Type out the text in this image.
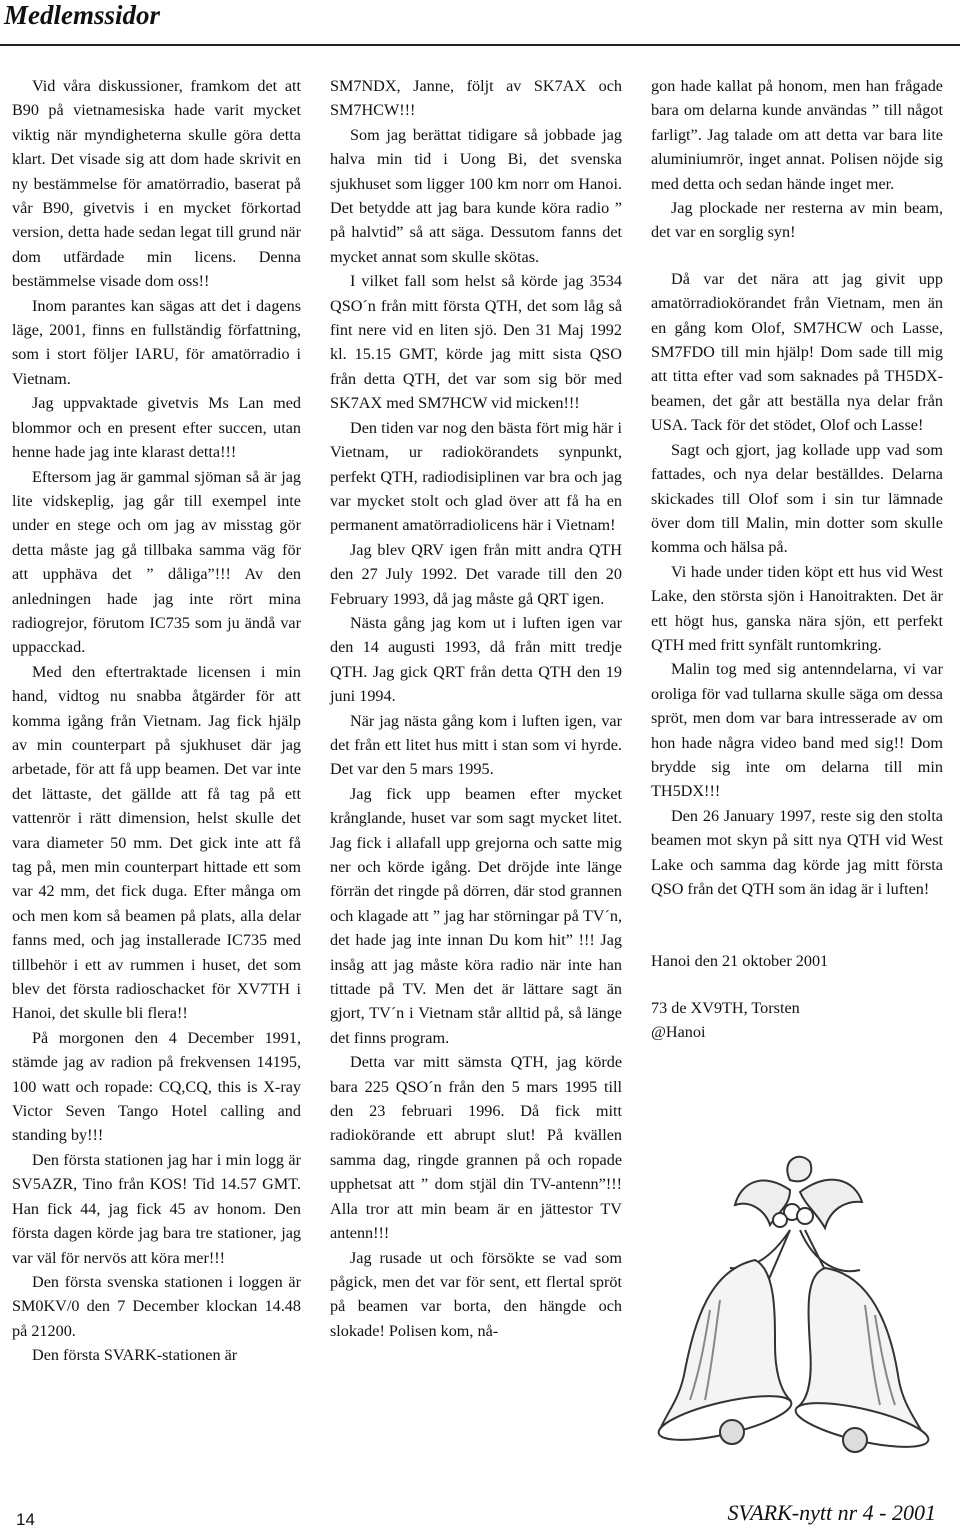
Medlemssidor

Vid våra diskussioner, framkom det att B90 på vietnamesiska hade varit mycket viktig när myndigheterna skulle göra detta klart. Det visade sig att dom hade skrivit en ny bestämmelse för amatörradio, baserat på vår B90, givetvis i en mycket förkortad version, detta hade sedan legat till grund när dom utfärdade min licens. Denna bestämmelse visade dom oss!!

Inom parantes kan sägas att det i dagens läge, 2001, finns en fullständig författning, som i stort följer IARU, för amatörradio i Vietnam.

Jag uppvaktade givetvis Ms Lan med blommor och en present efter succen, utan henne hade jag inte klarast detta!!!

Eftersom jag är gammal sjöman så är jag lite vidskeplig, jag går till exempel inte under en stege och om jag av misstag gör detta måste jag gå tillbaka samma väg för att upphäva det ” dåliga”!!! Av den anledningen hade jag inte rört mina radiogrejor, förutom IC735 som ju ändå var uppacckad.

Med den eftertraktade licensen i min hand, vidtog nu snabba åtgärder för att komma igång från Vietnam. Jag fick hjälp av min counterpart på sjukhuset där jag arbetade, för att få upp beamen. Det var inte det lättaste, det gällde att få tag på ett vattenrör i rätt dimension, helst skulle det vara diameter 50 mm. Det gick inte att få tag på, men min counterpart hittade ett som var 42 mm, det fick duga. Efter många om och men kom så beamen på plats, alla delar fanns med, och jag installerade IC735 med tillbehör i ett av rummen i huset, det som blev det första radioschacket för XV7TH i Hanoi, det skulle bli flera!!

På morgonen den 4 December 1991, stämde jag av radion på frekvensen 14195, 100 watt och ropade: CQ,CQ, this is X-ray Victor Seven Tango Hotel calling and standing by!!!

Den första stationen jag har i min logg är SV5AZR, Tino från KOS! Tid 14.57 GMT. Han fick 44, jag fick 45 av honom. Den första dagen körde jag bara tre stationer, jag var väl för nervös att köra mer!!!

Den första svenska stationen i loggen är SM0KV/0 den 7 December klockan 14.48 på 21200.

Den första SVARK-stationen är

SM7NDX, Janne, följt av SK7AX och SM7HCW!!!

Som jag berättat tidigare så jobbade jag halva min tid i Uong Bi, det svenska sjukhuset som ligger 100 km norr om Hanoi. Det betydde att jag bara kunde köra radio ” på halvtid” så att säga. Dessutom fanns det mycket annat som skulle skötas.

I vilket fall som helst så körde jag 3534 QSO´n från mitt första QTH, det som låg så fint nere vid en liten sjö. Den 31 Maj 1992 kl. 15.15 GMT, körde jag mitt sista QSO från detta QTH, det var som sig bör med SK7AX med SM7HCW vid micken!!!

Den tiden var nog den bästa fört mig här i Vietnam, ur radiokörandets synpunkt, perfekt QTH, radiodisiplinen var bra och jag var mycket stolt och glad över att få ha en permanent amatörradiolicens här i Vietnam!

Jag blev QRV igen från mitt andra QTH den 27 July 1992. Det varade till den 20 February 1993, då jag måste gå QRT igen.

Nästa gång jag kom ut i luften igen var den 14 augusti 1993, då från mitt tredje QTH. Jag gick QRT från detta QTH den 19 juni 1994.

När jag nästa gång kom i luften igen, var det från ett litet hus mitt i stan som vi hyrde. Det var den 5 mars 1995.

Jag fick upp beamen efter mycket krånglande, huset var som sagt mycket litet. Jag fick i allafall upp grejorna och satte mig ner och körde igång. Det dröjde inte länge förrän det ringde på dörren, där stod grannen och klagade att ” jag har störningar på TV´n, det hade jag inte innan Du kom hit” !!! Jag insåg att jag måste köra radio när inte han tittade på TV. Men det är lättare sagt än gjort, TV´n i Vietnam står alltid på, så länge det finns program.

Detta var mitt sämsta QTH, jag körde bara 225 QSO´n från den 5 mars 1995 till den 23 februari 1996. Då fick mitt radiokörande ett abrupt slut! På kvällen samma dag, ringde grannen på och ropade upphetsat att ” dom stjäl din TV-antenn”!!! Alla tror att min beam är en jättestor TV antenn!!!

Jag rusade ut och försökte se vad som pågick, men det var för sent, ett flertal spröt på beamen var borta, den hängde och slokade! Polisen kom, nå-

gon hade kallat på honom, men han frågade bara om delarna kunde användas ” till något farligt”. Jag talade om att detta var bara lite aluminiumrör, inget annat. Polisen nöjde sig med detta och sedan hände inget mer.

Jag plockade ner resterna av min beam, det var en sorglig syn!

Då var det nära att jag givit upp amatörradiokörandet från Vietnam, men än en gång kom Olof, SM7HCW och Lasse, SM7FDO till min hjälp! Dom sade till mig att titta efter vad som saknades på TH5DX-beamen, det går att beställa nya delar från USA. Tack för det stödet, Olof och Lasse!

Sagt och gjort, jag kollade upp vad som fattades, och nya delar beställdes. Delarna skickades till Olof som i sin tur lämnade över dom till Malin, min dotter som skulle komma och hälsa på.

Vi hade under tiden köpt ett hus vid West Lake, den största sjön i Hanoitrakten. Det är ett högt hus, ganska nära sjön, ett perfekt QTH med fritt synfält runtomkring.

Malin tog med sig antenndelarna, vi var oroliga för vad tullarna skulle säga om dessa spröt, men dom var bara intresserade av om hon hade några video band med sig!! Dom brydde sig inte om delarna till min TH5DX!!!

Den 26 January 1997, reste sig den stolta beamen mot skyn på sitt nya QTH vid West Lake och samma dag körde jag mitt första QSO från det QTH som än idag är i luften!

Hanoi den 21 oktober 2001

73 de XV9TH, Torsten

@Hanoi

14	SVARK-nytt nr 4 - 2001
